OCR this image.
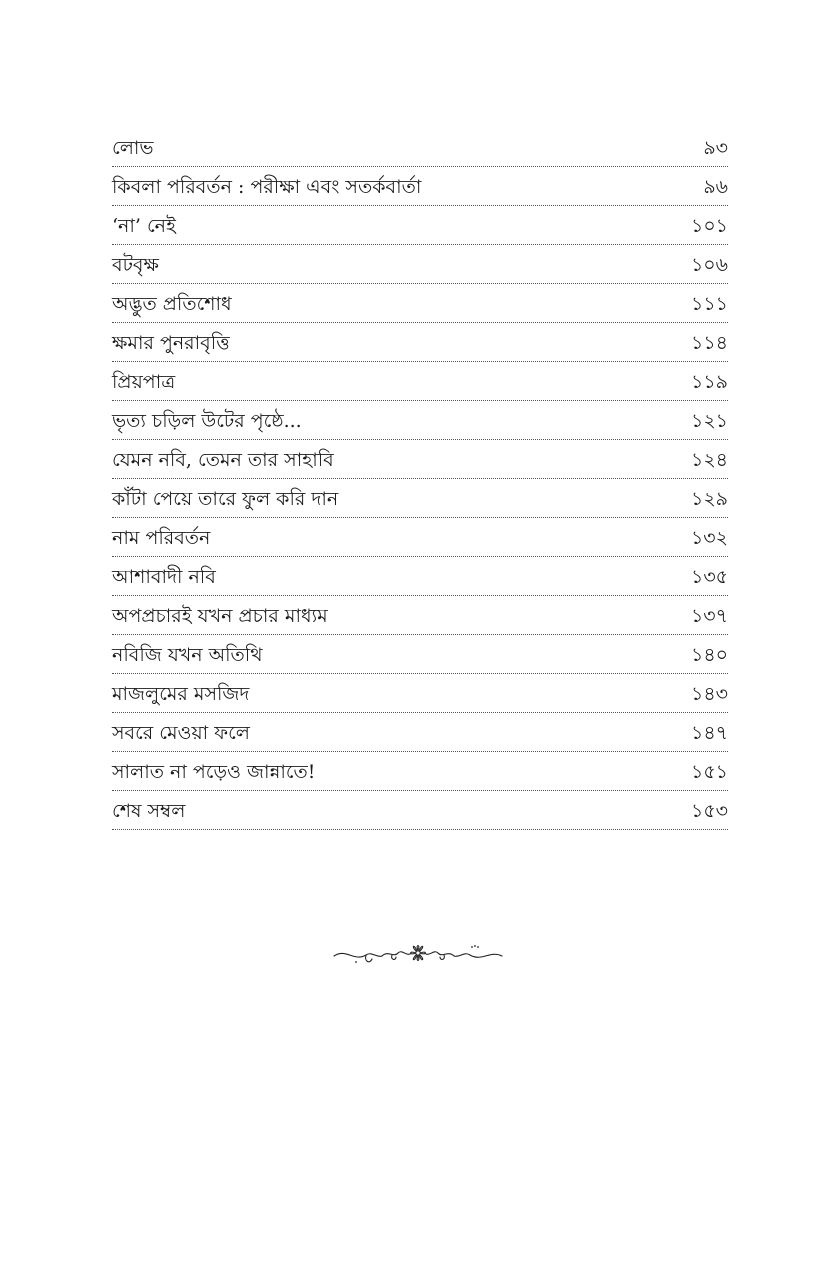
লোভ	৯৩
কিবলা পরিবর্তন : পরীক্ষা এবং সতর্কবার্তা	৯৬
‘না’ নেই	১০১
বটবৃক্ষ	১০৬
অদ্ভুত প্রতিশোধ	১১১
ক্ষমার পুনরাবৃত্তি	১১৪
প্রিয়পাত্র	১১৯
ভৃত্য চড়িল উটের পৃষ্ঠে...	১২১
যেমন নবি, তেমন তার সাহাবি	১২৪
কাঁটা পেয়ে তারে ফুল করি দান	১২৯
নাম পরিবর্তন	১৩২
আশাবাদী নবি	১৩৫
অপপ্রচারই যখন প্রচার মাধ্যম	১৩৭
নবিজি যখন অতিথি	১৪০
মাজলুমের মসজিদ	১৪৩
সবরে মেওয়া ফলে	১৪৭
সালাত না পড়েও জান্নাতে!	১৫১
শেষ সম্বল	১৫৩
